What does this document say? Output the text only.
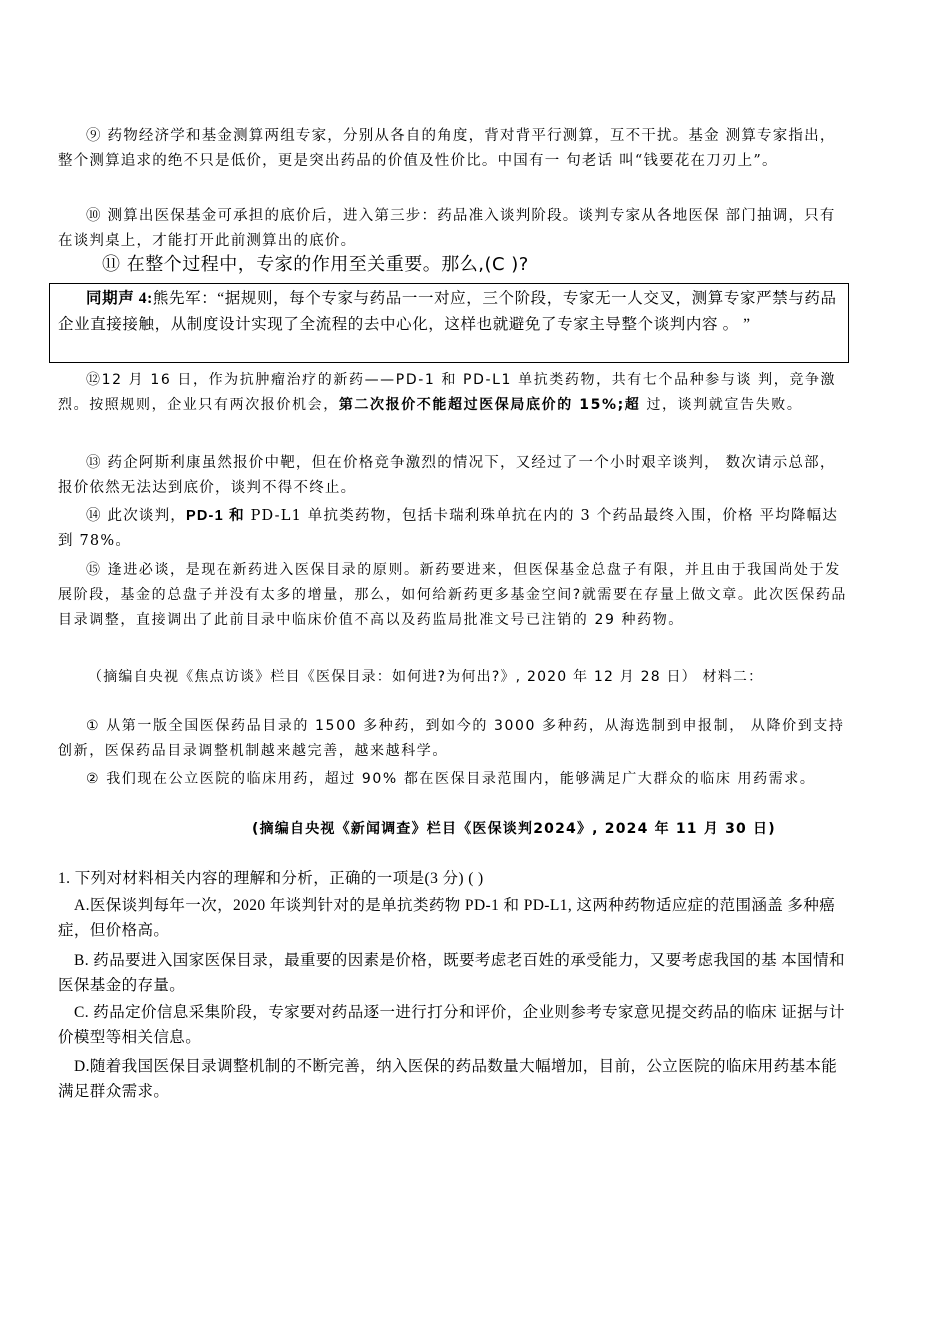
⑨ 药物经济学和基金测算两组专家，分别从各自的角度，背对背平行测算，互不干扰。基金 测算专家指出，整个测算追求的绝不只是低价，更是突出药品的价值及性价比。中国有一 句老话 叫“钱要花在刀刃上”。

⑩ 测算出医保基金可承担的底价后，进入第三步：药品准入谈判阶段。谈判专家从各地医保 部门抽调，只有在谈判桌上，才能打开此前测算出的底价。

⑪ 在整个过程中，专家的作用至关重要。那么,(C )?

同期声 4:熊先军：“据规则，每个专家与药品一一对应，三个阶段，专家无一人交叉，测算专家严禁与药品企业直接接触，从制度设计实现了全流程的去中心化，这样也就避免了专家主导整个谈判内容 。 ”

⑫12 月 16 日，作为抗肿瘤治疗的新药——PD-1 和 PD-L1 单抗类药物，共有七个品种参与谈 判，竞争激烈。按照规则，企业只有两次报价机会，第二次报价不能超过医保局底价的 15%;超 过，谈判就宣告失败。

⑬ 药企阿斯利康虽然报价中靶，但在价格竞争激烈的情况下，又经过了一个小时艰辛谈判， 数次请示总部，报价依然无法达到底价，谈判不得不终止。

⑭ 此次谈判，PD-1 和 PD-L1 单抗类药物，包括卡瑞利珠单抗在内的 3 个药品最终入围，价格 平均降幅达到 78%。

⑮ 逢进必谈，是现在新药进入医保目录的原则。新药要进来，但医保基金总盘子有限，并且由于我国尚处于发展阶段，基金的总盘子并没有太多的增量，那么，如何给新药更多基金空间?就需要在存量上做文章。此次医保药品目录调整，直接调出了此前目录中临床价值不高以及药监局批准文号已注销的 29 种药物。

（摘编自央视《焦点访谈》栏目《医保目录：如何进?为何出?》, 2020 年 12 月 28 日） 材料二：

① 从第一版全国医保药品目录的 1500 多种药，到如今的 3000 多种药，从海选制到申报制， 从降价到支持创新，医保药品目录调整机制越来越完善，越来越科学。

② 我们现在公立医院的临床用药，超过 90% 都在医保目录范围内，能够满足广大群众的临床 用药需求。

(摘编自央视《新闻调查》栏目《医保谈判2024》, 2024 年 11 月 30 日)

1. 下列对材料相关内容的理解和分析，正确的一项是(3 分) ( )

A.医保谈判每年一次，2020 年谈判针对的是单抗类药物 PD-1 和 PD-L1, 这两种药物适应症的范围涵盖 多种癌症，但价格高。

B. 药品要进入国家医保目录，最重要的因素是价格，既要考虑老百姓的承受能力，又要考虑我国的基 本国情和医保基金的存量。

C. 药品定价信息采集阶段，专家要对药品逐一进行打分和评价，企业则参考专家意见提交药品的临床 证据与计价模型等相关信息。

D.随着我国医保目录调整机制的不断完善，纳入医保的药品数量大幅增加，目前，公立医院的临床用药基本能满足群众需求。
